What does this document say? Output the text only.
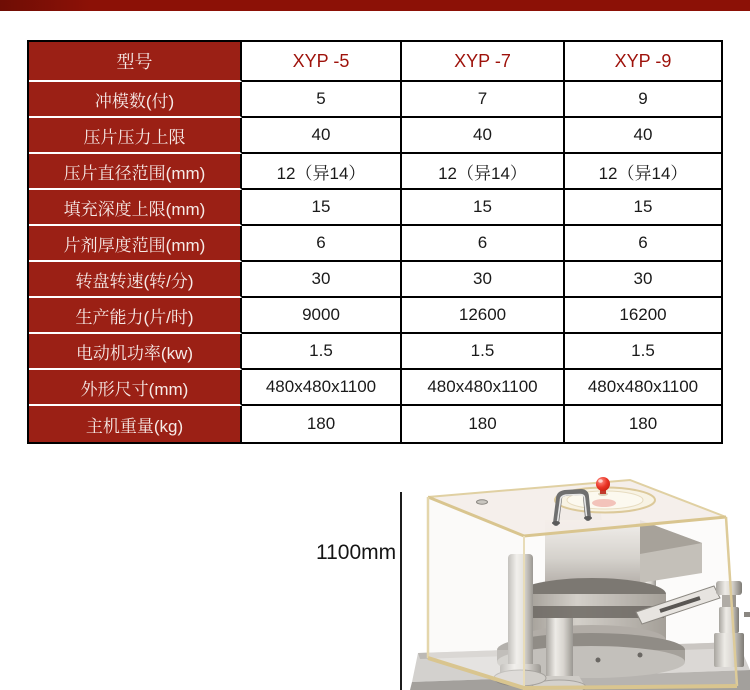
型号	XYP -5	XYP -7	XYP -9
冲模数(付)	5	7	9
压片压力上限	40	40	40
压片直径范围(mm)	12（异14）	12（异14）	12（异14）
填充深度上限(mm)	15	15	15
片剂厚度范围(mm)	6	6	6
转盘转速(转/分)	30	30	30
生产能力(片/时)	9000	12600	16200
电动机功率(kw)	1.5	1.5	1.5
外形尺寸(mm)	480x480x1100	480x480x1100	480x480x1100
主机重量(kg)	180	180	180
1100mm
